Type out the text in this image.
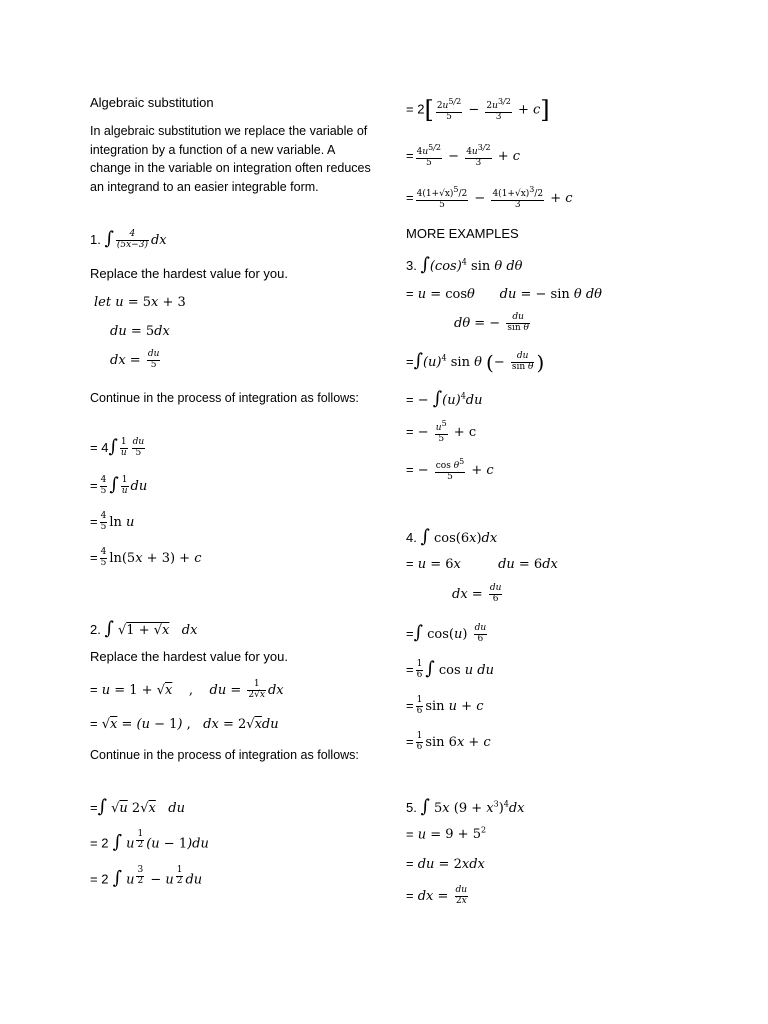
Algebraic substitution
In algebraic substitution we replace the variable of integration by a function of a new variable. A change in the variable on integration often reduces an integrand to an easier integrable form.
1. ∫ $\frac{4}{(5x-3)}$ dx
Replace the hardest value for you.
let u = 5x + 3
du = 5dx
dx = $\frac{du}{5}$
Continue in the process of integration as follows:
= $4\int \frac{1}{u} \frac{du}{5}$
= $\frac{4}{5}$ ∫ $\frac{1}{u}$ du
= $\frac{4}{5}$ ln u
= $\frac{4}{5} \ln(5x + 3) + c$
2. ∫ √1 + √x   dx
Replace the hardest value for you.
= u = 1 + √x ,    du = $\frac{1}{2√x}$ dx
= √x = (u − 1) ,   dx = 2√xdu
Continue in the process of integration as follows:
=∫ √u 2√x   du
= 2 ∫ u $^{\frac{1}{2}}$ (u − 1)du
= 2 ∫ u $^{\frac{3}{2}}$ − u $^{\frac{1}{2}}$ du
= $2[ \frac{2u^{5/2}}{5} - \frac{2u^{3/2}}{3} + c]$
= $\frac{4u^{5/2}}{5} - \frac{4u^{3/2}}{3} + c$
= $\frac{4(1+√x)^5/2}{5} - \frac{4(1+√x)^3/2}{3} + c$
MORE EXAMPLES
3. $\int(\cos)^4$ sin θ dθ
= u = cosθ      du = − sin θ dθ
dθ = − $\frac{du}{\text{sin θ}}$
$=\int(u)^4$ sin θ (− $\frac{du}{\text{sin θ}}$ )
= − $\int(u)^4du$
= − $\frac{u^5}{5} + c$
= − $\frac{\cos \theta^5}{5} + c$
4. ∫ cos(6x)dx
= u = 6x         du = 6dx
dx = $\frac{du}{6}$
=∫ $\cos(u) \frac{du}{6}$
= $\frac{1}{6}$ ∫ cos u du
= $\frac{1}{6}$ sin u + c
= $\frac{1}{6}$ sin 6x + c
5. ∫ 5x $(9 + x^3)^4dx$
= $u = 9 + 5^2$
= du = 2xdx
= dx = $\frac{du}{2x}$
